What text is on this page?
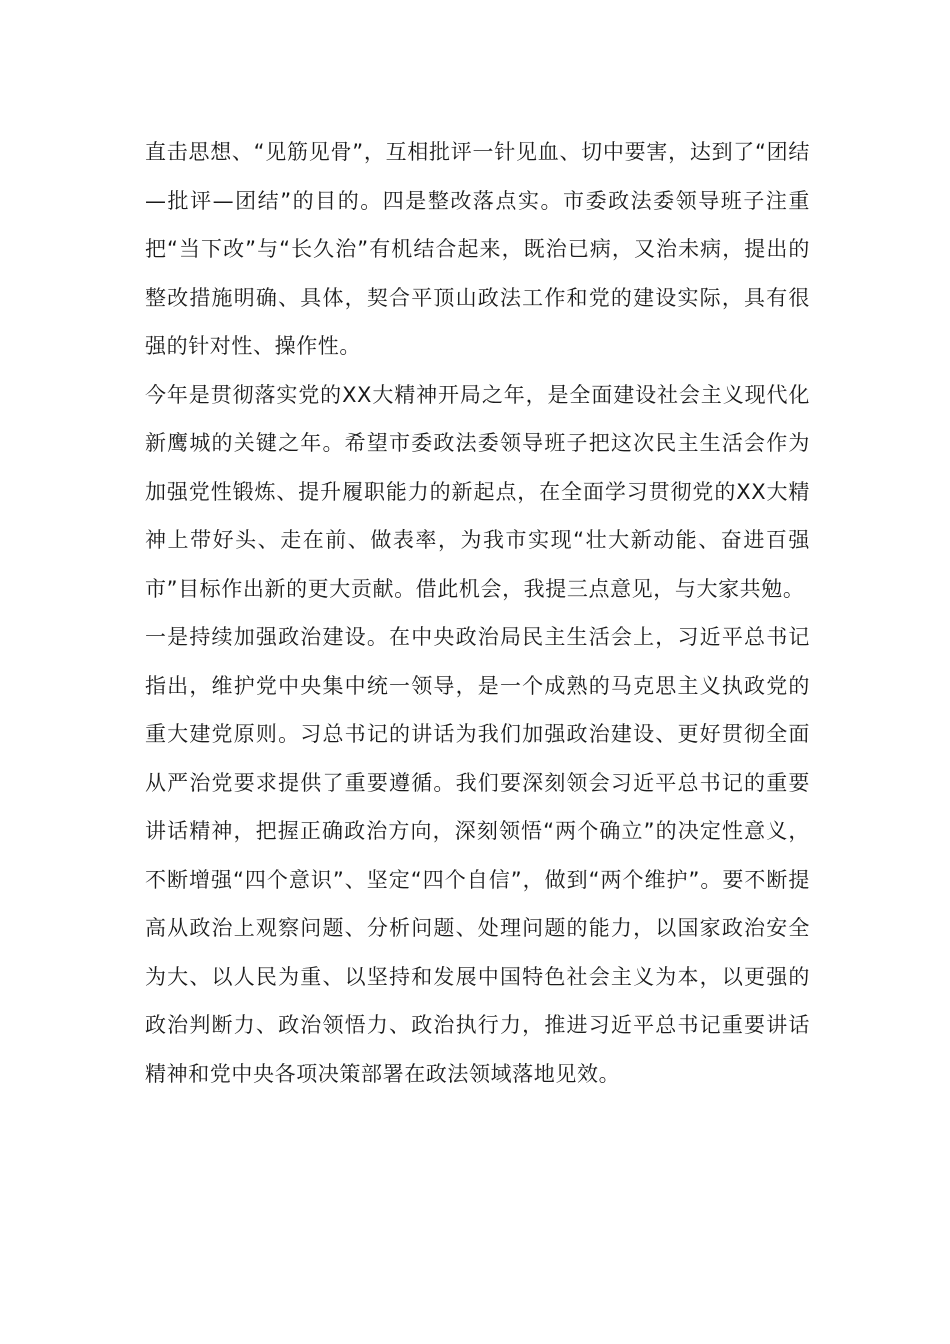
直击思想、“见筋见骨”，互相批评一针见血、切中要害，达到了“团结—批评—团结”的目的。四是整改落点实。市委政法委领导班子注重把“当下改”与“长久治”有机结合起来，既治已病，又治未病，提出的整改措施明确、具体，契合平顶山政法工作和党的建设实际，具有很强的针对性、操作性。

今年是贯彻落实党的XX大精神开局之年，是全面建设社会主义现代化新鹰城的关键之年。希望市委政法委领导班子把这次民主生活会作为加强党性锻炼、提升履职能力的新起点，在全面学习贯彻党的XX大精神上带好头、走在前、做表率，为我市实现“壮大新动能、奋进百强市”目标作出新的更大贡献。借此机会，我提三点意见，与大家共勉。

一是持续加强政治建设。在中央政治局民主生活会上，习近平总书记指出，维护党中央集中统一领导，是一个成熟的马克思主义执政党的重大建党原则。习总书记的讲话为我们加强政治建设、更好贯彻全面从严治党要求提供了重要遵循。我们要深刻领会习近平总书记的重要讲话精神，把握正确政治方向，深刻领悟“两个确立”的决定性意义，不断增强“四个意识”、坚定“四个自信”，做到“两个维护”。要不断提高从政治上观察问题、分析问题、处理问题的能力，以国家政治安全为大、以人民为重、以坚持和发展中国特色社会主义为本，以更强的政治判断力、政治领悟力、政治执行力，推进习近平总书记重要讲话精神和党中央各项决策部署在政法领域落地见效。
